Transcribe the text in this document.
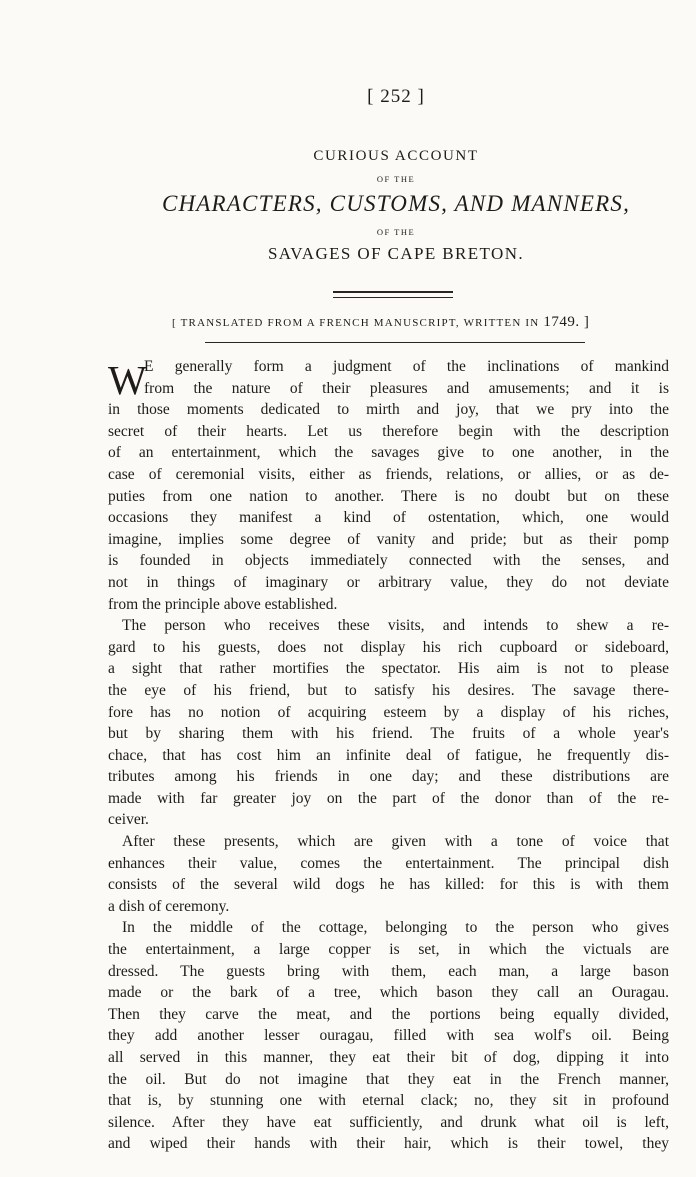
[ 252 ]
CURIOUS ACCOUNT
OF THE
CHARACTERS, CUSTOMS, AND MANNERS,
OF THE
SAVAGES OF CAPE BRETON.
[ TRANSLATED FROM A FRENCH MANUSCRIPT, WRITTEN IN 1749. ]
W
E generally form a judgment of the inclinations of mankind
from the nature of their pleasures and amusements; and it is
in those moments dedicated to mirth and joy, that we pry into the
secret of their hearts. Let us therefore begin with the description
of an entertainment, which the savages give to one another, in the
case of ceremonial visits, either as friends, relations, or allies, or as de-
puties from one nation to another. There is no doubt but on these
occasions they manifest a kind of ostentation, which, one would
imagine, implies some degree of vanity and pride; but as their pomp
is founded in objects immediately connected with the senses, and
not in things of imaginary or arbitrary value, they do not deviate
from the principle above established.
The person who receives these visits, and intends to shew a re-
gard to his guests, does not display his rich cupboard or sideboard,
a sight that rather mortifies the spectator. His aim is not to please
the eye of his friend, but to satisfy his desires. The savage there-
fore has no notion of acquiring esteem by a display of his riches,
but by sharing them with his friend. The fruits of a whole year's
chace, that has cost him an infinite deal of fatigue, he frequently dis-
tributes among his friends in one day; and these distributions are
made with far greater joy on the part of the donor than of the re-
ceiver.
After these presents, which are given with a tone of voice that
enhances their value, comes the entertainment. The principal dish
consists of the several wild dogs he has killed: for this is with them
a dish of ceremony.
In the middle of the cottage, belonging to the person who gives
the entertainment, a large copper is set, in which the victuals are
dressed. The guests bring with them, each man, a large bason
made or the bark of a tree, which bason they call an Ouragau.
Then they carve the meat, and the portions being equally divided,
they add another lesser ouragau, filled with sea wolf's oil. Being
all served in this manner, they eat their bit of dog, dipping it into
the oil. But do not imagine that they eat in the French manner,
that is, by stunning one with eternal clack; no, they sit in profound
silence. After they have eat sufficiently, and drunk what oil is left,
and wiped their hands with their hair, which is their towel, they
